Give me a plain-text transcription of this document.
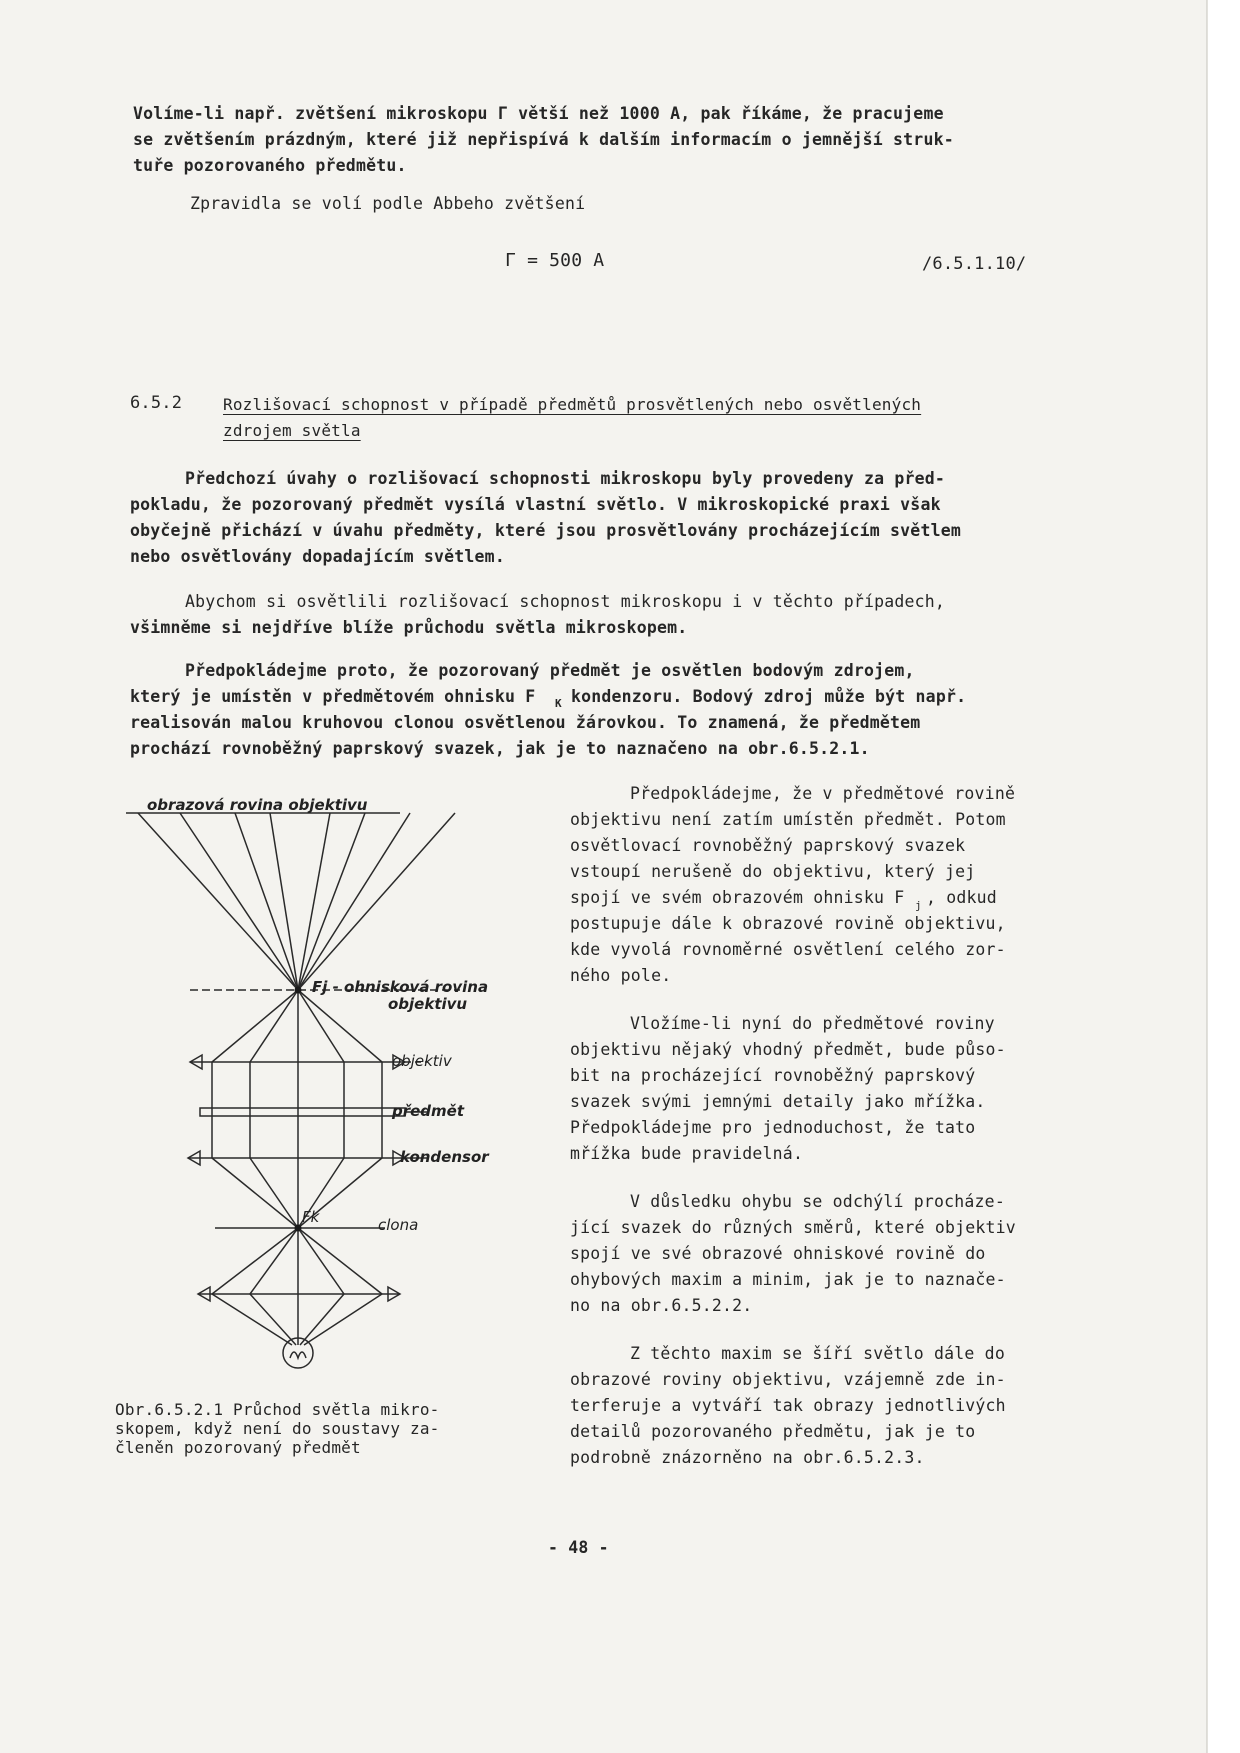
Volíme-li např. zvětšení mikroskopu Γ větší než 1000 A, pak říkáme, že pracujeme
se zvětšením prázdným, které již nepřispívá k dalším informacím o jemnější struk-
tuře pozorovaného předmětu.
Zpravidla se volí podle Abbeho zvětšení
Γ = 500 A	/6.5.1.10/
6.5.2	Rozlišovací schopnost v případě předmětů prosvětlených nebo osvětlených
zdrojem světla
Předchozí úvahy o rozlišovací schopnosti mikroskopu byly provedeny za před-
pokladu, že pozorovaný předmět vysílá vlastní světlo. V mikroskopické praxi však
obyčejně přichází v úvahu předměty, které jsou prosvětlovány procházejícím světlem
nebo osvětlovány dopadajícím světlem.
Abychom si osvětlili rozlišovací schopnost mikroskopu i v těchto případech,
všimněme si nejdříve blíže průchodu světla mikroskopem.
Předpokládejme proto, že pozorovaný předmět je osvětlen bodovým zdrojem,
který je umístěn v předmětovém ohnisku F K kondenzoru. Bodový zdroj může být např.
realisován malou kruhovou clonou osvětlenou žárovkou. To znamená, že předmětem
prochází rovnoběžný paprskový svazek, jak je to naznačeno na obr.6.5.2.1.
Předpokládejme, že v předmětové rovině
objektivu není zatím umístěn předmět. Potom
osvětlovací rovnoběžný paprskový svazek
vstoupí nerušeně do objektivu, který jej
spojí ve svém obrazovém ohnisku F j , odkud
postupuje dále k obrazové rovině objektivu,
kde vyvolá rovnoměrné osvětlení celého zor-
ného pole.
Vložíme-li nyní do předmětové roviny
objektivu nějaký vhodný předmět, bude půso-
bit na procházející rovnoběžný paprskový
svazek svými jemnými detaily jako mřížka.
Předpokládejme pro jednoduchost, že tato
mřížka bude pravidelná.
V důsledku ohybu se odchýlí procháze-
jící svazek do různých směrů, které objektiv
spojí ve své obrazové ohniskové rovině do
ohybových maxim a minim, jak je to naznače-
no na obr.6.5.2.2.
Z těchto maxim se šíří světlo dále do
obrazové roviny objektivu, vzájemně zde in-
terferuje a vytváří tak obrazy jednotlivých
detailů pozorovaného předmětu, jak je to
podrobně znázorněno na obr.6.5.2.3.
obrazová rovina objektivu
Fj - ohnisková rovina
objektivu
objektiv
předmět
kondensor
Fk	clona
Obr.6.5.2.1 Průchod světla mikro-
skopem, když není do soustavy za-
členěn pozorovaný předmět
- 48 -
